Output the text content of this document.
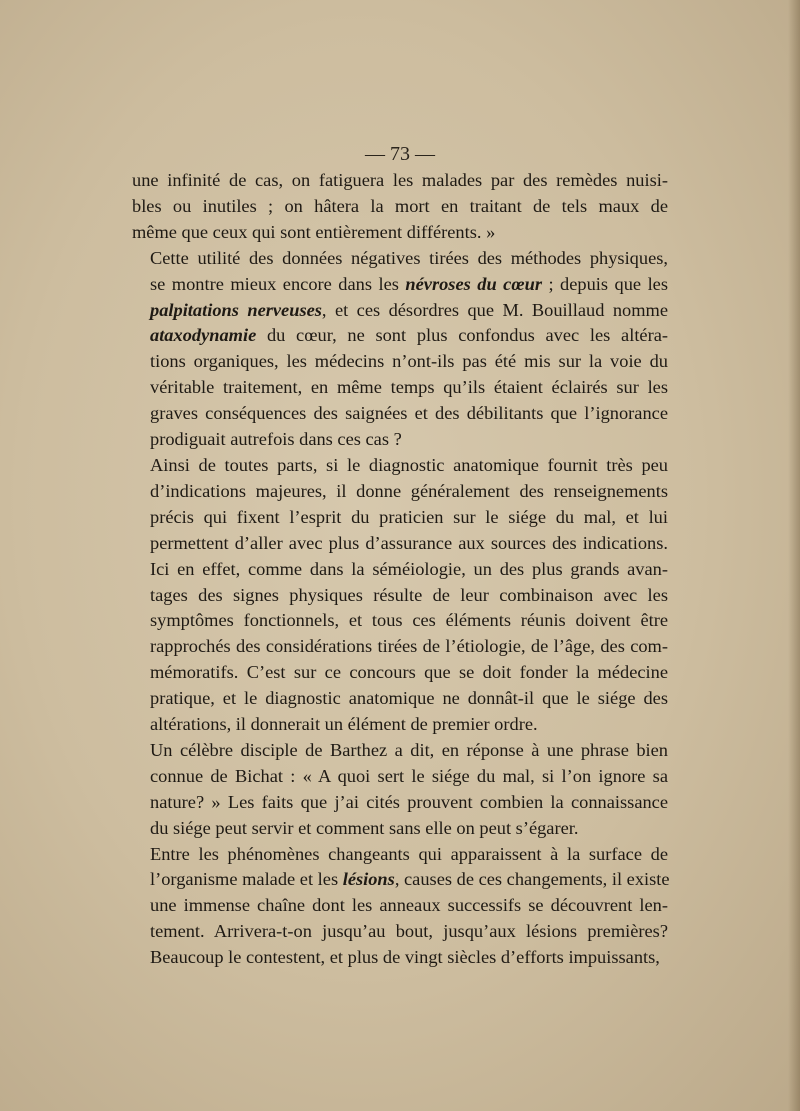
— 73 —

une infinité de cas, on fatiguera les malades par des remèdes nuisi-
bles ou inutiles ; on hâtera la mort en traitant de tels maux de
même que ceux qui sont entièrement différents. »

Cette utilité des données négatives tirées des méthodes physiques,
se montre mieux encore dans les névroses du cœur ; depuis que les
palpitations nerveuses, et ces désordres que M. Bouillaud nomme
ataxodynamie du cœur, ne sont plus confondus avec les altéra-
tions organiques, les médecins n’ont-ils pas été mis sur la voie du
véritable traitement, en même temps qu’ils étaient éclairés sur les
graves conséquences des saignées et des débilitants que l’ignorance
prodiguait autrefois dans ces cas ?

Ainsi de toutes parts, si le diagnostic anatomique fournit très peu
d’indications majeures, il donne généralement des renseignements
précis qui fixent l’esprit du praticien sur le siége du mal, et lui
permettent d’aller avec plus d’assurance aux sources des indications.
Ici en effet, comme dans la séméiologie, un des plus grands avan-
tages des signes physiques résulte de leur combinaison avec les
symptômes fonctionnels, et tous ces éléments réunis doivent être
rapprochés des considérations tirées de l’étiologie, de l’âge, des com-
mémoratifs. C’est sur ce concours que se doit fonder la médecine
pratique, et le diagnostic anatomique ne donnât-il que le siége des
altérations, il donnerait un élément de premier ordre.

Un célèbre disciple de Barthez a dit, en réponse à une phrase bien
connue de Bichat : « A quoi sert le siége du mal, si l’on ignore sa
nature? » Les faits que j’ai cités prouvent combien la connaissance
du siége peut servir et comment sans elle on peut s’égarer.

Entre les phénomènes changeants qui apparaissent à la surface de
l’organisme malade et les lésions, causes de ces changements, il existe
une immense chaîne dont les anneaux successifs se découvrent len-
tement. Arrivera-t-on jusqu’au bout, jusqu’aux lésions premières?
Beaucoup le contestent, et plus de vingt siècles d’efforts impuissants,
